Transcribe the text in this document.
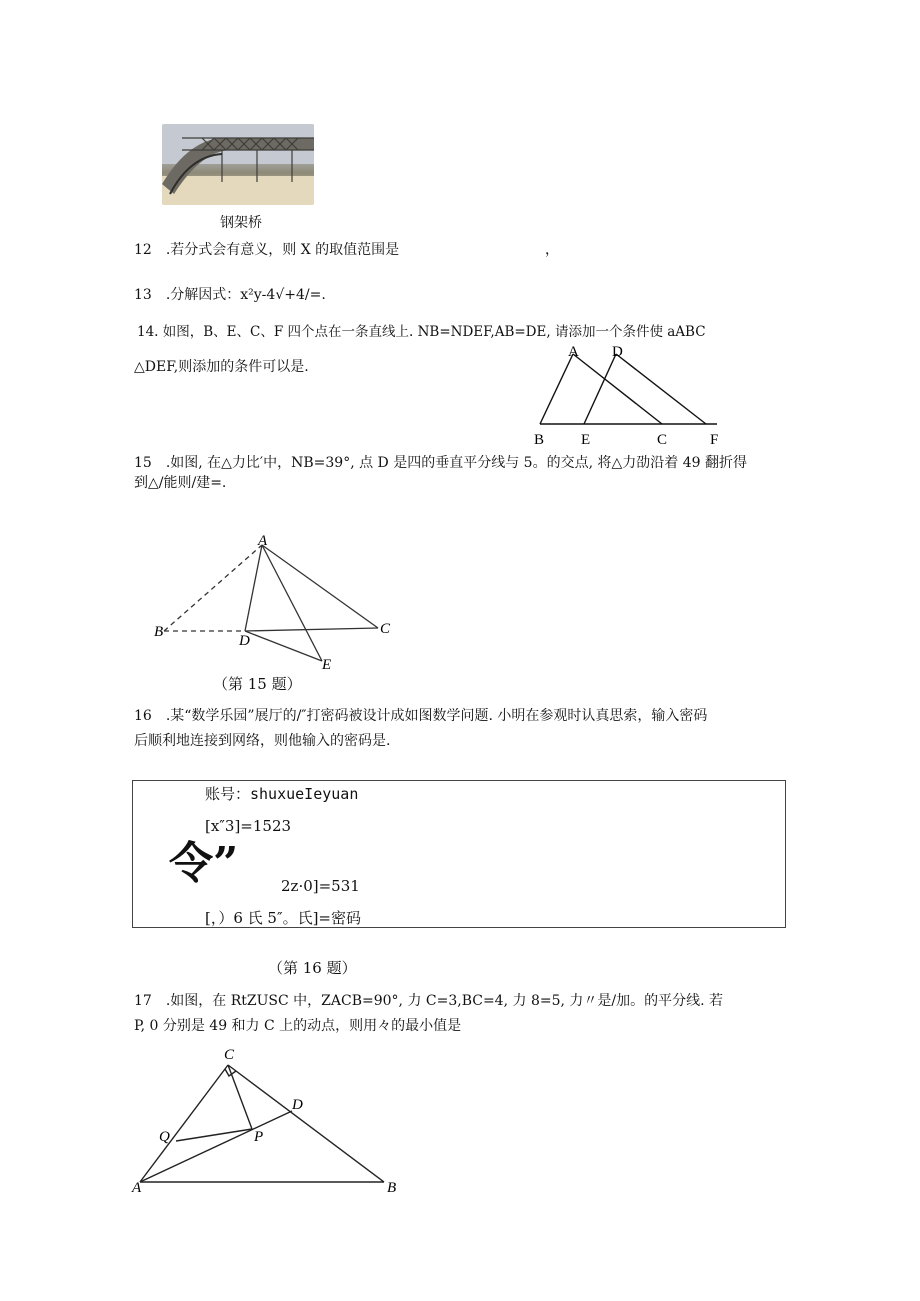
钢架桥
12 .若分式会有意义，则 X 的取值范围是	，
13 .分解因式：x²y-4√+4/=.
14. 如图，B、E、C、F 四个点在一条直线上. NB=NDEF,AB=DE, 请添加一个条件使 aABC
△DEF,则添加的条件可以是.
A D
B E	C	F
15 .如图, 在△力比′中，NB=39°, 点 D 是四的垂直平分线与 5。的交点, 将△力劭沿着 49 翻折得
到△/能则/建=.
A
B	C
D
E
（第 15 题）
16 .某“数学乐园”展厅的/″打密码被设计成如图数学问题. 小明在参观时认真思索，输入密码
后顺利地连接到网络，则他输入的密码是.
账号：shuxueIeyuan
[x″3]=1523
令”	2z·0]=531
[，）6 氏 5″。氏]=密码
（第 16 题）
17 .如图，在 RtZUSC 中，ZACB=90°, 力 C=3,BC=4, 力 8=5, 力〃是/加。的平分线. 若
P, 0 分别是 49 和力 C 上的动点，则用々的最小值是
C
D
Q	P
A	B
